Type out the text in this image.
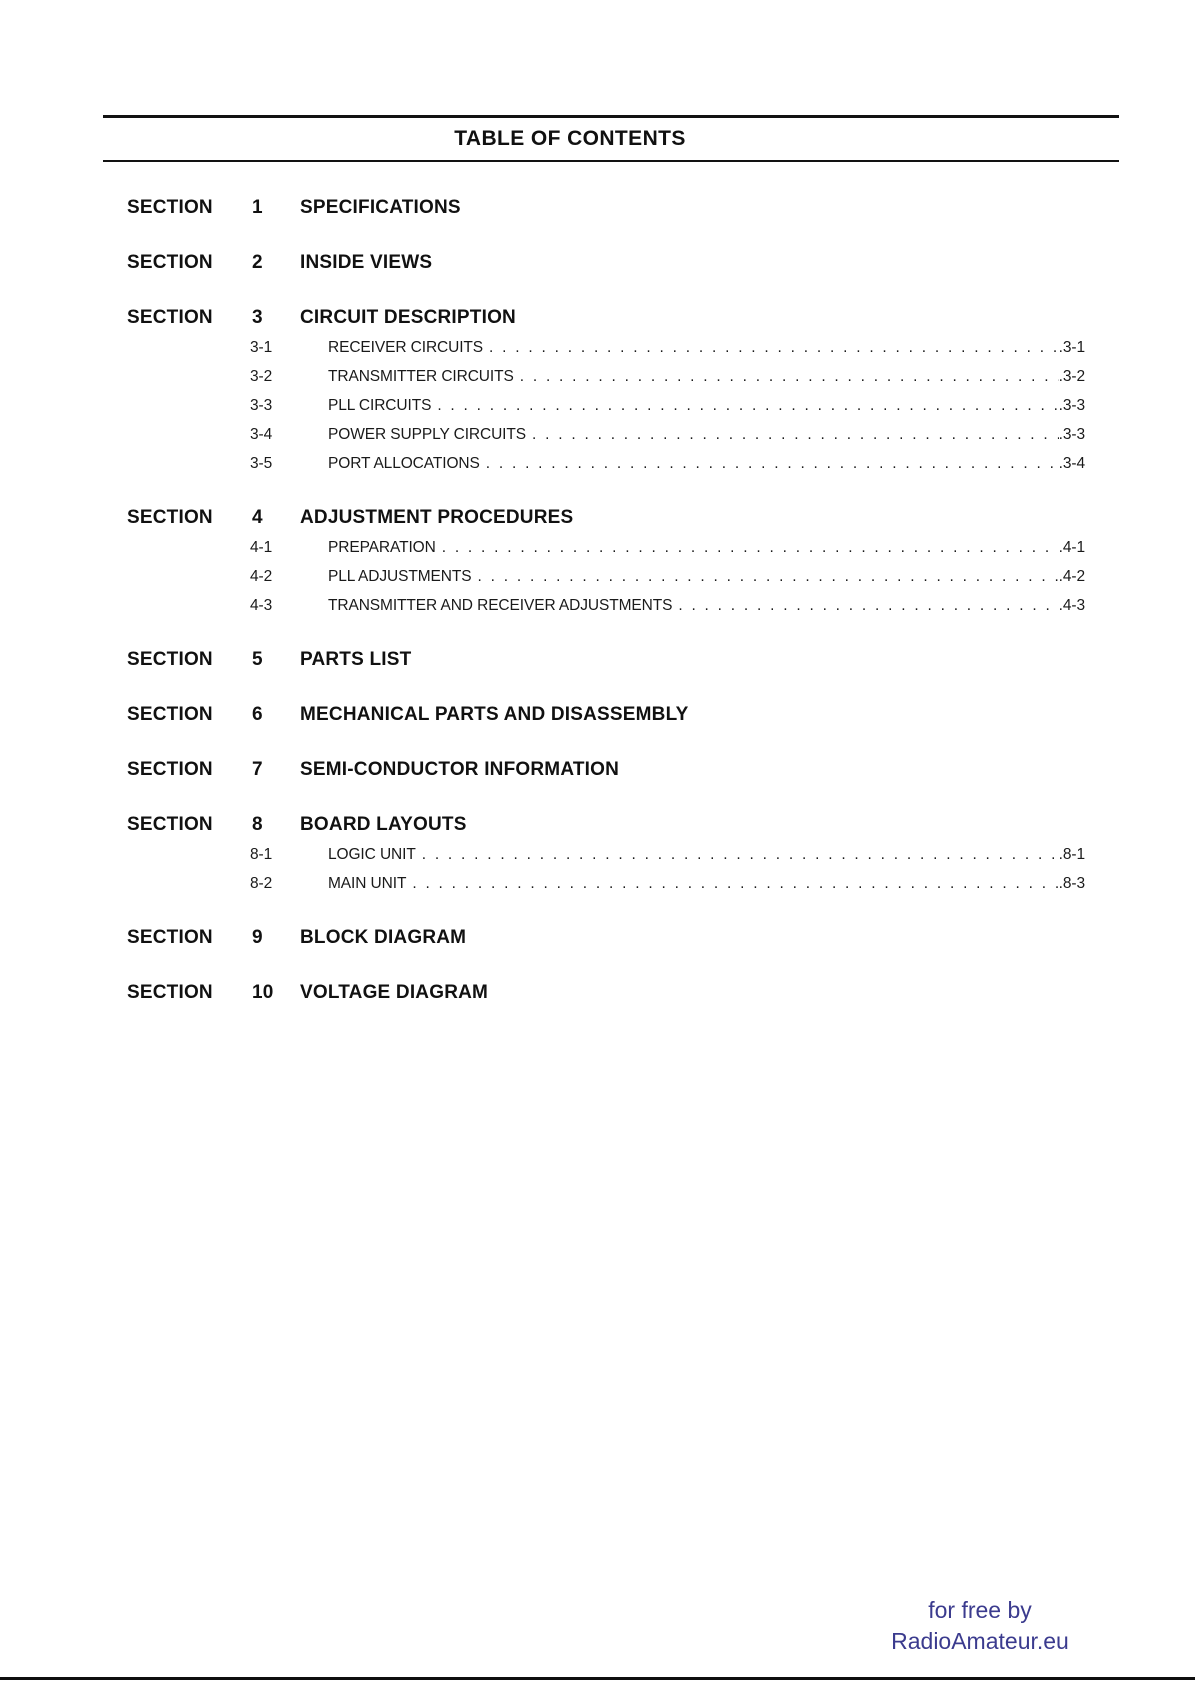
TABLE OF CONTENTS
SECTION	1	SPECIFICATIONS
SECTION	2	INSIDE VIEWS
SECTION	3	CIRCUIT DESCRIPTION
3-1	RECEIVER CIRCUITS . . .	. 3-1
3-2	TRANSMITTER CIRCUITS . . .	. 3-2
3-3	PLL CIRCUITS . . .	. 3-3
3-4	POWER SUPPLY CIRCUITS . . .	. 3-3
3-5	PORT ALLOCATIONS . . .	. 3-4
SECTION	4	ADJUSTMENT PROCEDURES
4-1	PREPARATION . . .	. 4-1
4-2	PLL ADJUSTMENTS . . .	. 4-2
4-3	TRANSMITTER AND RECEIVER ADJUSTMENTS . . .	. 4-3
SECTION	5	PARTS LIST
SECTION	6	MECHANICAL PARTS AND DISASSEMBLY
SECTION	7	SEMI-CONDUCTOR INFORMATION
SECTION	8	BOARD LAYOUTS
8-1	LOGIC UNIT . . .	. 8-1
8-2	MAIN UNIT . . .	. 8-3
SECTION	9	BLOCK DIAGRAM
SECTION	10	VOLTAGE DIAGRAM
for free by
RadioAmateur.eu
